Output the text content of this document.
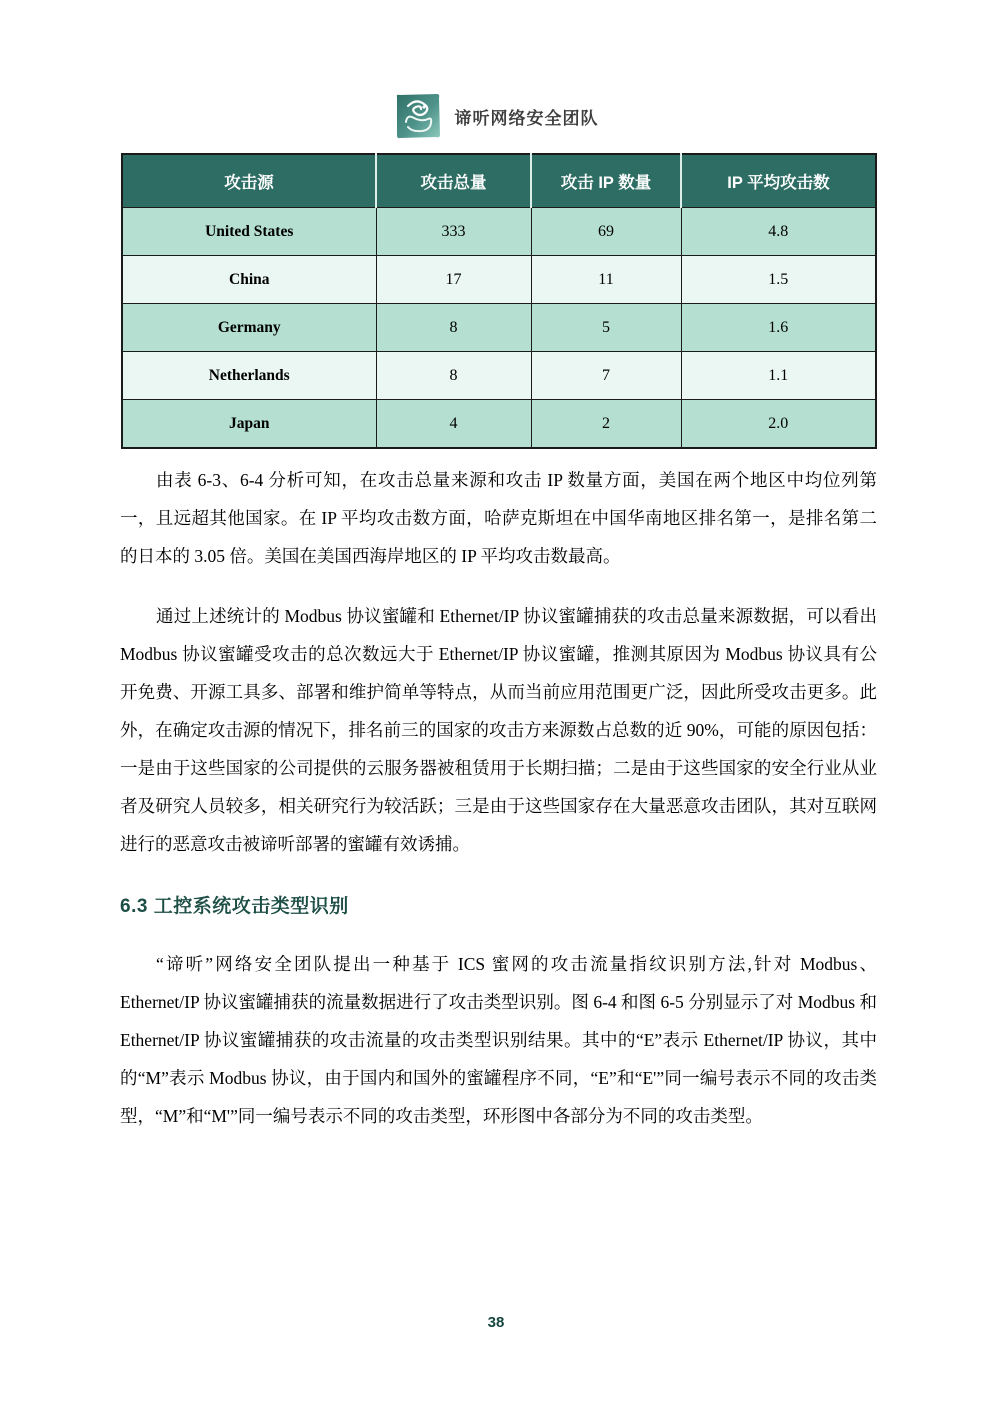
谛听网络安全团队
攻击源	攻击总量	攻击 IP 数量	IP 平均攻击数
United States	333	69	4.8
China	17	11	1.5
Germany	8	5	1.6
Netherlands	8	7	1.1
Japan	4	2	2.0

由表 6-3、6-4 分析可知，在攻击总量来源和攻击 IP 数量方面，美国在两个地区中均位列第一，且远超其他国家。在 IP 平均攻击数方面，哈萨克斯坦在中国华南地区排名第一，是排名第二的日本的 3.05 倍。美国在美国西海岸地区的 IP 平均攻击数最高。

通过上述统计的 Modbus 协议蜜罐和 Ethernet/IP 协议蜜罐捕获的攻击总量来源数据，可以看出 Modbus 协议蜜罐受攻击的总次数远大于 Ethernet/IP 协议蜜罐，推测其原因为 Modbus 协议具有公开免费、开源工具多、部署和维护简单等特点，从而当前应用范围更广泛，因此所受攻击更多。此外，在确定攻击源的情况下，排名前三的国家的攻击方来源数占总数的近 90%，可能的原因包括：一是由于这些国家的公司提供的云服务器被租赁用于长期扫描；二是由于这些国家的安全行业从业者及研究人员较多，相关研究行为较活跃；三是由于这些国家存在大量恶意攻击团队，其对互联网进行的恶意攻击被谛听部署的蜜罐有效诱捕。

6.3 工控系统攻击类型识别

“谛听”网络安全团队提出一种基于 ICS 蜜网的攻击流量指纹识别方法,针对 Modbus、Ethernet/IP 协议蜜罐捕获的流量数据进行了攻击类型识别。图 6-4 和图 6-5 分别显示了对 Modbus 和 Ethernet/IP 协议蜜罐捕获的攻击流量的攻击类型识别结果。其中的“E”表示 Ethernet/IP 协议，其中的“M”表示 Modbus 协议，由于国内和国外的蜜罐程序不同，“E”和“E'”同一编号表示不同的攻击类型，“M”和“M'”同一编号表示不同的攻击类型，环形图中各部分为不同的攻击类型。

38
